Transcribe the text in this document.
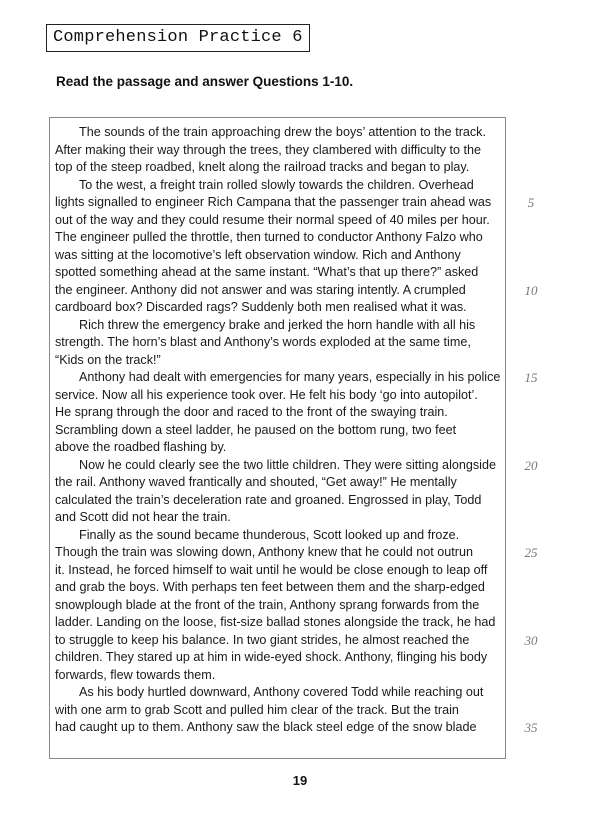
Comprehension Practice 6
Read the passage and answer Questions 1-10.
The sounds of the train approaching drew the boys’ attention to the track.
After making their way through the trees, they clambered with difficulty to the
top of the steep roadbed, knelt along the railroad tracks and began to play.
To the west, a freight train rolled slowly towards the children. Overhead
lights signalled to engineer Rich Campana that the passenger train ahead was
out of the way and they could resume their normal speed of 40 miles per hour.
The engineer pulled the throttle, then turned to conductor Anthony Falzo who
was sitting at the locomotive’s left observation window. Rich and Anthony
spotted something ahead at the same instant. “What’s that up there?” asked
the engineer. Anthony did not answer and was staring intently. A crumpled
cardboard box? Discarded rags? Suddenly both men realised what it was.
Rich threw the emergency brake and jerked the horn handle with all his
strength. The horn’s blast and Anthony’s words exploded at the same time,
“Kids on the track!”
Anthony had dealt with emergencies for many years, especially in his police
service. Now all his experience took over. He felt his body ‘go into autopilot’.
He sprang through the door and raced to the front of the swaying train.
Scrambling down a steel ladder, he paused on the bottom rung, two feet
above the roadbed flashing by.
Now he could clearly see the two little children. They were sitting alongside
the rail. Anthony waved frantically and shouted, “Get away!” He mentally
calculated the train’s deceleration rate and groaned. Engrossed in play, Todd
and Scott did not hear the train.
Finally as the sound became thunderous, Scott looked up and froze.
Though the train was slowing down, Anthony knew that he could not outrun
it. Instead, he forced himself to wait until he would be close enough to leap off
and grab the boys. With perhaps ten feet between them and the sharp-edged
snowplough blade at the front of the train, Anthony sprang forwards from the
ladder. Landing on the loose, fist-size ballad stones alongside the track, he had
to struggle to keep his balance. In two giant strides, he almost reached the
children. They stared up at him in wide-eyed shock. Anthony, flinging his body
forwards, flew towards them.
As his body hurtled downward, Anthony covered Todd while reaching out
with one arm to grab Scott and pulled him clear of the track. But the train
had caught up to them. Anthony saw the black steel edge of the snow blade
5
10
15
20
25
30
35
19
